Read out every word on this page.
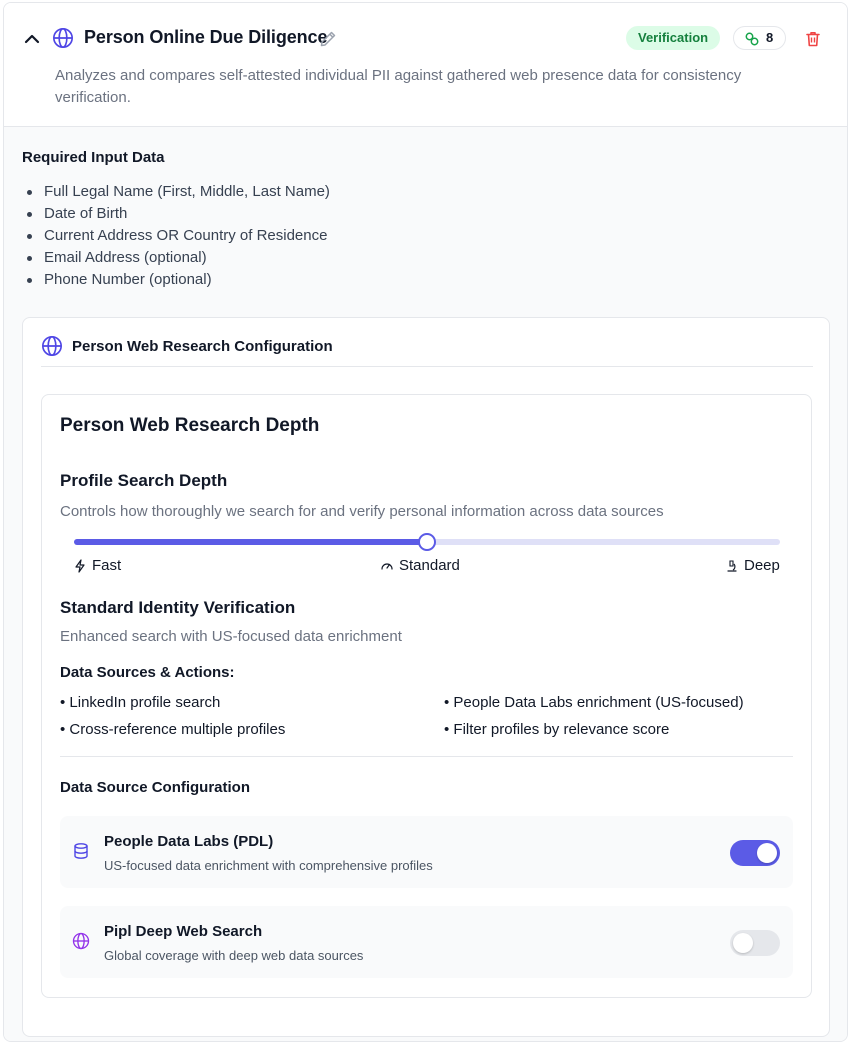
Person Online Due Diligence	Verification	8
Analyzes and compares self-attested individual PII against gathered web presence data for consistency verification.
Required Input Data
Full Legal Name (First, Middle, Last Name)
Date of Birth
Current Address OR Country of Residence
Email Address (optional)
Phone Number (optional)
Person Web Research Configuration
Person Web Research Depth
Profile Search Depth
Controls how thoroughly we search for and verify personal information across data sources
Fast	Standard	Deep
Standard Identity Verification
Enhanced search with US-focused data enrichment
Data Sources & Actions:
• LinkedIn profile search	• People Data Labs enrichment (US-focused)
• Cross-reference multiple profiles	• Filter profiles by relevance score
Data Source Configuration
People Data Labs (PDL)
US-focused data enrichment with comprehensive profiles
Pipl Deep Web Search
Global coverage with deep web data sources
